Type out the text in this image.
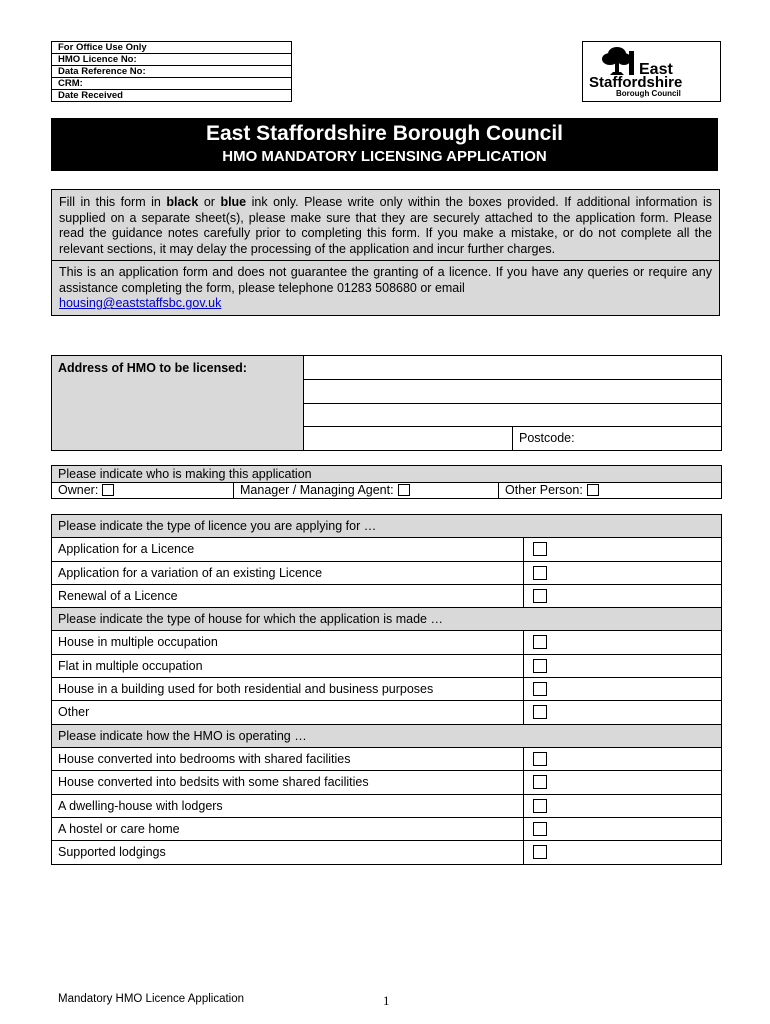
For Office Use Only
HMO Licence No:
Data Reference No:
CRM:
Date Received
East
Staffordshire
Borough Council
East Staffordshire Borough Council
HMO MANDATORY LICENSING APPLICATION

Fill in this form in black or blue ink only. Please write only within the boxes provided. If additional information is supplied on a separate sheet(s), please make sure that they are securely attached to the application form. Please read the guidance notes carefully prior to completing this form. If you make a mistake, or do not complete all the relevant sections, it may delay the processing of the application and incur further charges.

This is an application form and does not guarantee the granting of a licence. If you have any queries or require any assistance completing the form, please telephone 01283 508680 or email
housing@eaststaffsbc.gov.uk

Address of HMO to be licensed:
Postcode:
Please indicate who is making this application
Owner:	Manager / Managing Agent:	Other Person:
Please indicate the type of licence you are applying for …
Application for a Licence
Application for a variation of an existing Licence
Renewal of a Licence
Please indicate the type of house for which the application is made …
House in multiple occupation
Flat in multiple occupation
House in a building used for both residential and business purposes
Other
Please indicate how the HMO is operating …
House converted into bedrooms with shared facilities
House converted into bedsits with some shared facilities
A dwelling-house with lodgers
A hostel or care home
Supported lodgings
Mandatory HMO Licence Application	1
